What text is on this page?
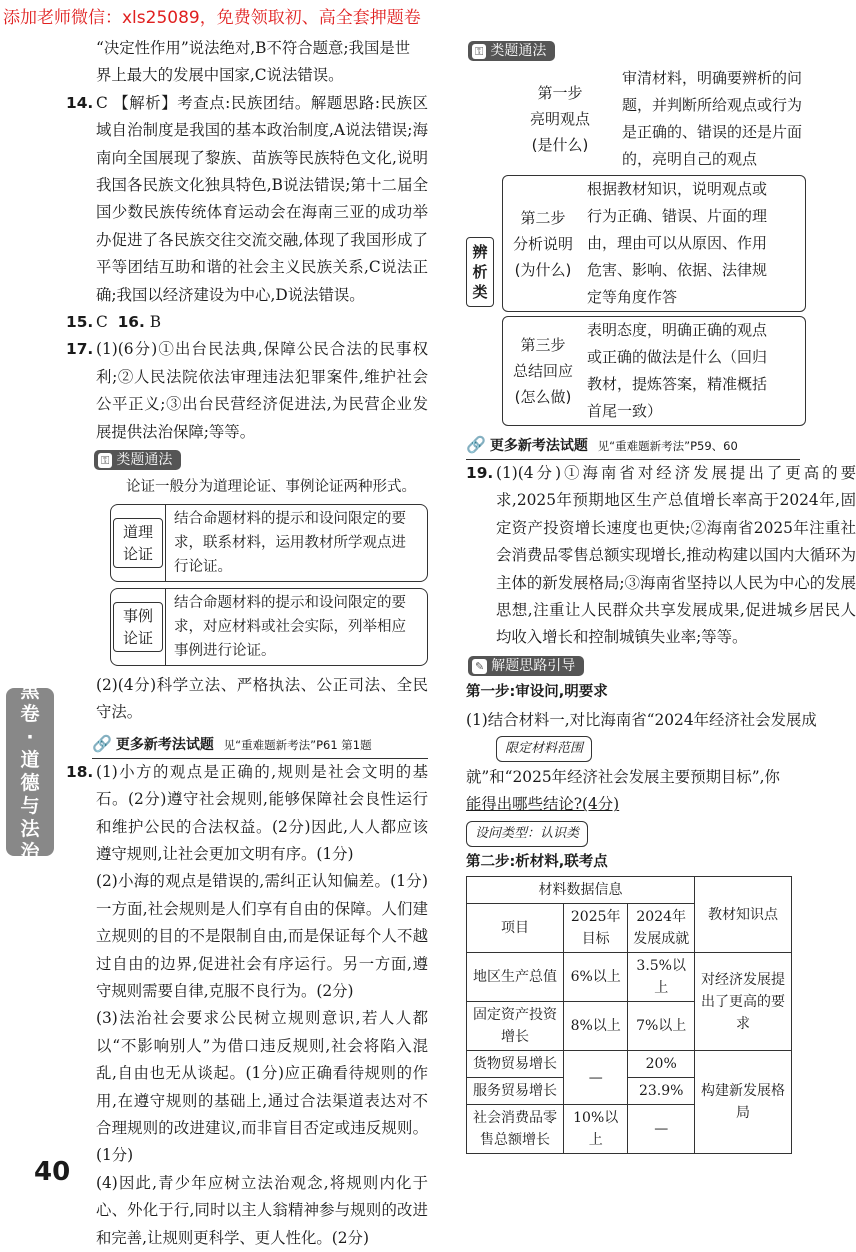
添加老师微信：xls25089，免费领取初、高全套押题卷
黑卷·道德与法治

“决定性作用”说法绝对,B不符合题意;我国是世

界上最大的发展中国家,C说法错误。

14. C 【解析】考查点:民族团结。解题思路:民族区域自治制度是我国的基本政治制度,A说法错误;海南向全国展现了黎族、苗族等民族特色文化,说明我国各民族文化独具特色,B说法错误;第十二届全国少数民族传统体育运动会在海南三亚的成功举办促进了各民族交往交流交融,体现了我国形成了平等团结互助和谐的社会主义民族关系,C说法正确;我国以经济建设为中心,D说法错误。

15. C 16. B

17. (1)(6分)①出台民法典,保障公民合法的民事权利;②人民法院依法审理违法犯罪案件,维护社会公平正义;③出台民营经济促进法,为民营企业发展提供法治保障;等等。

⚿ 类题通法

论证一般分为道理论证、事例论证两种形式。

道理论证
结合命题材料的提示和设问限定的要求，联系材料，运用教材所学观点进行论证。
事例论证
结合命题材料的提示和设问限定的要求，对应材料或社会实际，列举相应事例进行论证。

(2)(4分)科学立法、严格执法、公正司法、全民守法。

🔗 更多新考法试题 见“重难题新考法”P61 第1题

18. (1)小方的观点是正确的,规则是社会文明的基石。(2分)遵守社会规则,能够保障社会良性运行和维护公民的合法权益。(2分)因此,人人都应该遵守规则,让社会更加文明有序。(1分)

(2)小海的观点是错误的,需纠正认知偏差。(1分)一方面,社会规则是人们享有自由的保障。人们建立规则的目的不是限制自由,而是保证每个人不越过自由的边界,促进社会有序运行。另一方面,遵守规则需要自律,克服不良行为。(2分)

(3)法治社会要求公民树立规则意识,若人人都以“不影响别人”为借口违反规则,社会将陷入混乱,自由也无从谈起。(1分)应正确看待规则的作用,在遵守规则的基础上,通过合法渠道表达对不合理规则的改进建议,而非盲目否定或违反规则。(1分)

(4)因此,青少年应树立法治观念,将规则内化于心、外化于行,同时以主人翁精神参与规则的改进和完善,让规则更科学、更人性化。(2分)

⚿ 类题通法
辨析类
第一步
亮明观点
(是什么)
审清材料，明确要辨析的问
题，并判断所给观点或行为
是正确的、错误的还是片面
的，亮明自己的观点
第二步
分析说明
(为什么)
根据教材知识，说明观点或
行为正确、错误、片面的理
由，理由可以从原因、作用
危害、影响、依据、法律规
定等角度作答
第三步
总结回应
(怎么做)
表明态度，明确正确的观点
或正确的做法是什么（回归
教材，提炼答案，精准概括
首尾一致）
🔗 更多新考法试题 见“重难题新考法”P59、60

19. (1)(4分)①海南省对经济发展提出了更高的要求,2025年预期地区生产总值增长率高于2024年,固定资产投资增长速度也更快;②海南省2025年注重社会消费品零售总额实现增长,推动构建以国内大循环为主体的新发展格局;③海南省坚持以人民为中心的发展思想,注重让人民群众共享发展成果,促进城乡居民人均收入增长和控制城镇失业率;等等。

✎ 解题思路引导

第一步:审设问,明要求

(1)结合材料一,对比海南省“2024年经济社会发展成

限定材料范围

就”和“2025年经济社会发展主要预期目标”,你

能得出哪些结论?(4分)

设问类型：认识类

第二步:析材料,联考点

材料数据信息			教材知识点
项目	2025年目标	2024年发展成就	
地区生产总值	6%以上	3.5%以上	对经济发展提出了更高的要求
固定资产投资增长	8%以上	7%以上	
货物贸易增长	—	20%	构建新发展格局
服务贸易增长		23.9%	
社会消费品零售总额增长	10%以上	—	
40
